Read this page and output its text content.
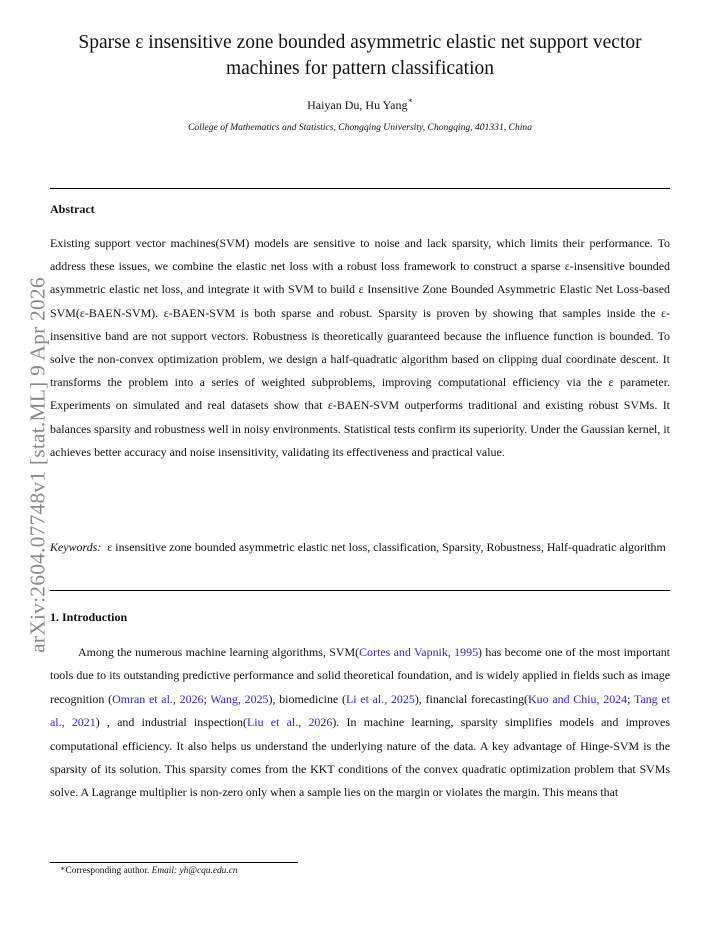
arXiv:2604.07748v1 [stat.ML] 9 Apr 2026
Sparse ε insensitive zone bounded asymmetric elastic net support vector
machines for pattern classification
Haiyan Du, Hu Yang∗
College of Mathematics and Statistics, Chongqing University, Chongqing, 401331, China
Abstract
Existing support vector machines(SVM) models are sensitive to noise and lack sparsity, which limits their performance. To address these issues, we combine the elastic net loss with a robust loss framework to construct a sparse ε-insensitive bounded asymmetric elastic net loss, and integrate it with SVM to build ε Insensitive Zone Bounded Asymmetric Elastic Net Loss-based SVM(ε-BAEN-SVM). ε-BAEN-SVM is both sparse and robust. Sparsity is proven by showing that samples inside the ε-insensitive band are not support vectors. Robustness is theoretically guaranteed because the influence function is bounded. To solve the non-convex optimization problem, we design a half-quadratic algorithm based on clipping dual coordinate descent. It transforms the problem into a series of weighted subproblems, improving computational efficiency via the ε parameter. Experiments on simulated and real datasets show that ε-BAEN-SVM outperforms traditional and existing robust SVMs. It balances sparsity and robustness well in noisy environments. Statistical tests confirm its superiority. Under the Gaussian kernel, it achieves better accuracy and noise insensitivity, validating its effectiveness and practical value.
Keywords: ε insensitive zone bounded asymmetric elastic net loss, classification, Sparsity, Robustness, Half-quadratic algorithm
1. Introduction

Among the numerous machine learning algorithms, SVM(Cortes and Vapnik, 1995) has become one of the most important tools due to its outstanding predictive performance and solid theoretical foundation, and is widely applied in fields such as image recognition (Omran et al., 2026; Wang, 2025), biomedicine (Li et al., 2025), financial forecasting(Kuo and Chiu, 2024; Tang et al., 2021) , and industrial inspection(Liu et al., 2026). In machine learning, sparsity simplifies models and improves computational efficiency. It also helps us understand the underlying nature of the data. A key advantage of Hinge-SVM is the sparsity of its solution. This sparsity comes from the KKT conditions of the convex quadratic optimization problem that SVMs solve. A Lagrange multiplier is non-zero only when a sample lies on the margin or violates the margin. This means that

∗Corresponding author. Email: yh@cqu.edu.cn
